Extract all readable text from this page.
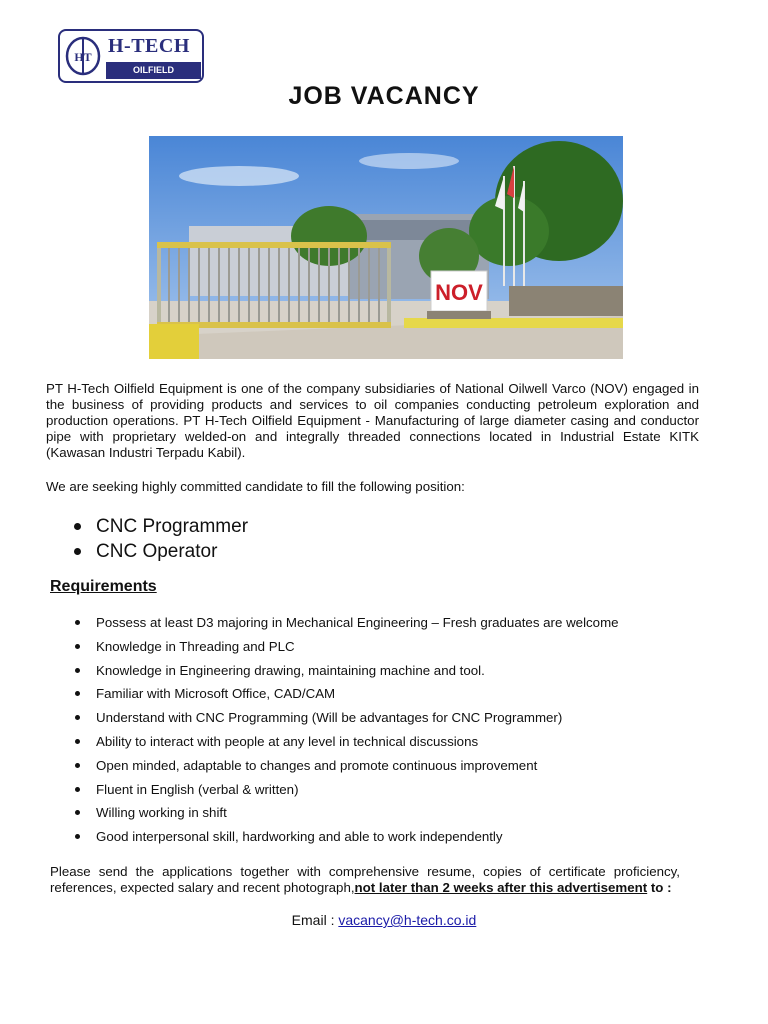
HT H-TECH
OILFIELD EQUIPMENT	JOB VACANCY
NOV

PT H-Tech Oilfield Equipment is one of the company subsidiaries of National Oilwell Varco (NOV) engaged in the business of providing products and services to oil companies conducting petroleum exploration and production operations. PT H-Tech Oilfield Equipment - Manufacturing of large diameter casing and conductor pipe with proprietary welded-on and integrally threaded connections located in Industrial Estate KITK (Kawasan Industri Terpadu Kabil).

We are seeking highly committed candidate to fill the following position:

CNC Programmer
CNC Operator
Requirements
Possess at least D3 majoring in Mechanical Engineering – Fresh graduates are welcome
Knowledge in Threading and PLC
Knowledge in Engineering drawing, maintaining machine and tool.
Familiar with Microsoft Office, CAD/CAM
Understand with CNC Programming (Will be advantages for CNC Programmer)
Ability to interact with people at any level in technical discussions
Open minded, adaptable to changes and promote continuous improvement
Fluent in English (verbal & written)
Willing working in shift
Good interpersonal skill, hardworking and able to work independently

Please send the applications together with comprehensive resume, copies of certificate proficiency, references, expected salary and recent photograph,not later than 2 weeks after this advertisement to :

Email : vacancy@h-tech.co.id
